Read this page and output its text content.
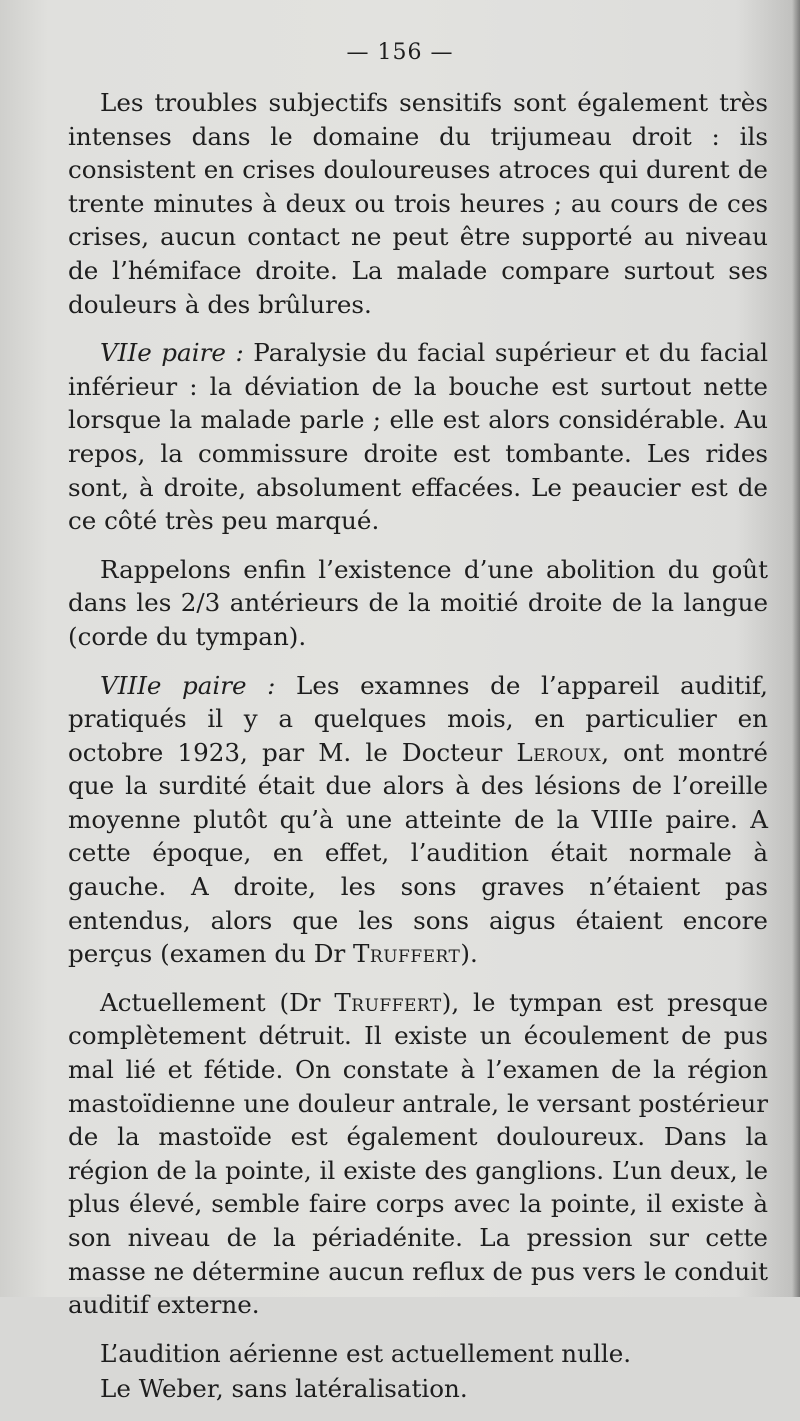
— 156 —

Les troubles subjectifs sensitifs sont également très intenses dans le domaine du trijumeau droit : ils consistent en crises douloureuses atroces qui durent de trente minutes à deux ou trois heures ; au cours de ces crises, aucun contact ne peut être supporté au niveau de l’hémiface droite. La malade compare surtout ses douleurs à des brûlures.

VIIe paire : Paralysie du facial supérieur et du facial inférieur : la déviation de la bouche est surtout nette lorsque la malade parle ; elle est alors considérable. Au repos, la commissure droite est tombante. Les rides sont, à droite, absolument effacées. Le peaucier est de ce côté très peu marqué.

Rappelons enfin l’existence d’une abolition du goût dans les 2/3 antérieurs de la moitié droite de la langue (corde du tympan).

VIIIe paire : Les examnes de l’appareil auditif, pratiqués il y a quelques mois, en particulier en octobre 1923, par M. le Docteur Leroux, ont montré que la surdité était due alors à des lésions de l’oreille moyenne plutôt qu’à une atteinte de la VIIIe paire. A cette époque, en effet, l’audition était normale à gauche. A droite, les sons graves n’étaient pas entendus, alors que les sons aigus étaient encore perçus (examen du Dr Truffert).

Actuellement (Dr Truffert), le tympan est presque complètement détruit. Il existe un écoulement de pus mal lié et fétide. On constate à l’examen de la région mastoïdienne une douleur antrale, le versant postérieur de la mastoïde est également douloureux. Dans la région de la pointe, il existe des ganglions. L’un deux, le plus élevé, semble faire corps avec la pointe, il existe à son niveau de la périadénite. La pression sur cette masse ne détermine aucun reflux de pus vers le conduit auditif externe.

L’audition aérienne est actuellement nulle.

Le Weber, sans latéralisation.
